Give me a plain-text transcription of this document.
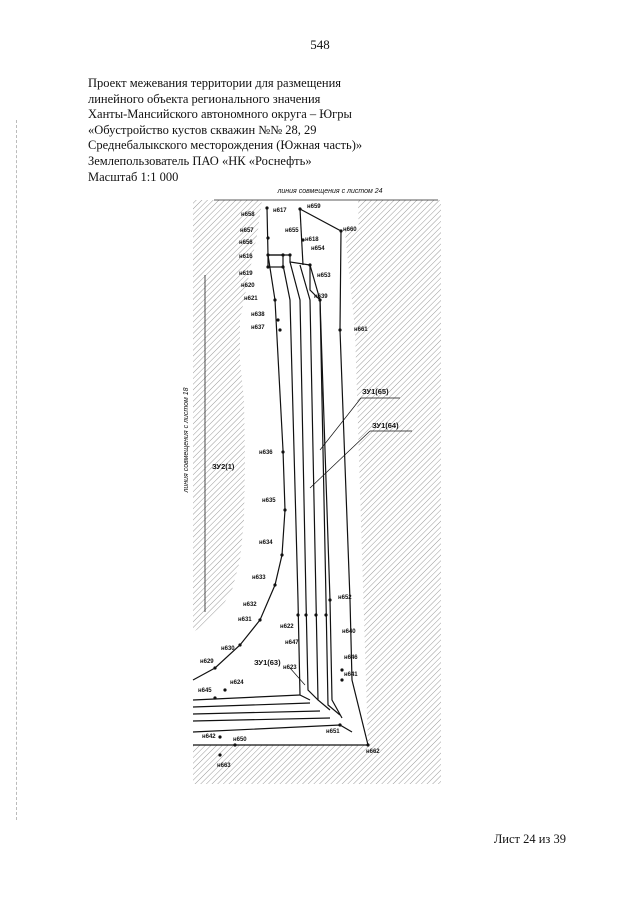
548
Проект межевания территории для размещения
линейного объекта регионального значения
Ханты-Мансийского автономного округа – Югры
«Обустройство кустов скважин №№ 28, 29
Среднебалыкского месторождения (Южная часть)»
Землепользователь ПАО «НК «Роснефть»
Масштаб 1:1 000
линия совмещения с листом 24
линия совмещения с листом 18	ЗУ2(1)
ЗУ1(65)
ЗУ1(64)
ЗУ1(63)
н658
н617
н659
н657	н655	н660
н656	н618
н654
н616
н619	н653
н620
н639
н621
н638
н661
н637
н636
н635
н634
н633
н652
н632
н631
н622
н640
н647
н630
н629
н623
н646
н641
н624
н645
н651
н642	н650
н662
н663
Лист 24 из 39
